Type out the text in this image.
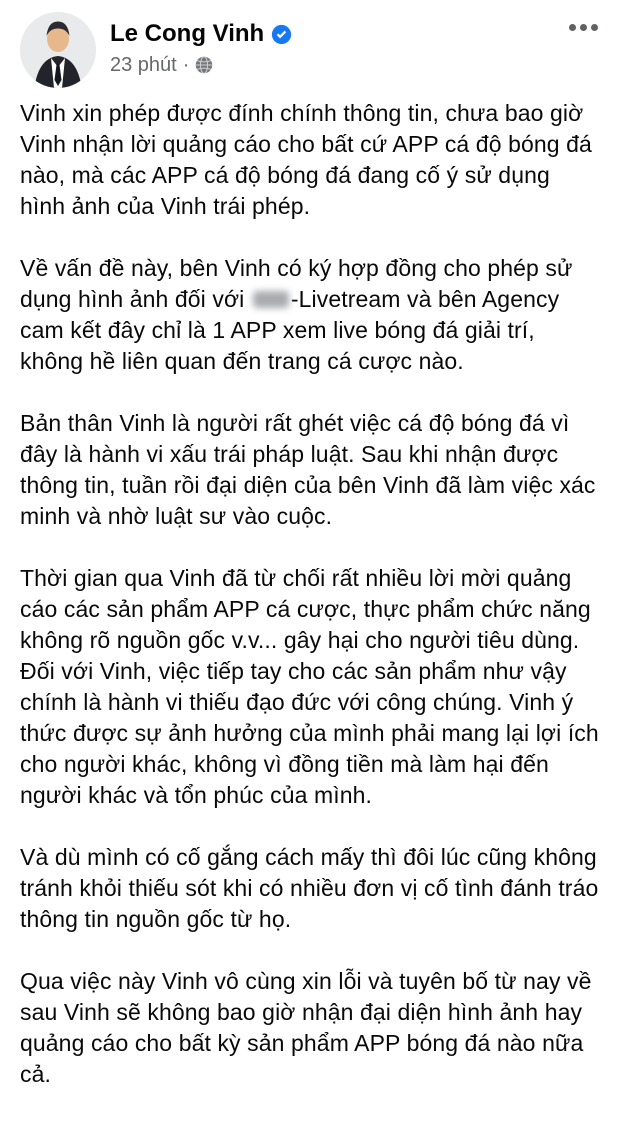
Le Cong Vinh
23 phút ·

Vinh xin phép được đính chính thông tin, chưa bao giờ Vinh nhận lời quảng cáo cho bất cứ APP cá độ bóng đá nào, mà các APP cá độ bóng đá đang cố ý sử dụng hình ảnh của Vinh trái phép.

Về vấn đề này, bên Vinh có ký hợp đồng cho phép sử dụng hình ảnh đối với -Livetream và bên Agency cam kết đây chỉ là 1 APP xem live bóng đá giải trí, không hề liên quan đến trang cá cược nào.

Bản thân Vinh là người rất ghét việc cá độ bóng đá vì đây là hành vi xấu trái pháp luật. Sau khi nhận được thông tin, tuần rồi đại diện của bên Vinh đã làm việc xác minh và nhờ luật sư vào cuộc.

Thời gian qua Vinh đã từ chối rất nhiều lời mời quảng cáo các sản phẩm APP cá cược, thực phẩm chức năng không rõ nguồn gốc v.v... gây hại cho người tiêu dùng. Đối với Vinh, việc tiếp tay cho các sản phẩm như vậy chính là hành vi thiếu đạo đức với công chúng. Vinh ý thức được sự ảnh hưởng của mình phải mang lại lợi ích cho người khác, không vì đồng tiền mà làm hại đến người khác và tổn phúc của mình.

Và dù mình có cố gắng cách mấy thì đôi lúc cũng không tránh khỏi thiếu sót khi có nhiều đơn vị cố tình đánh tráo thông tin nguồn gốc từ họ.

Qua việc này Vinh vô cùng xin lỗi và tuyên bố từ nay về sau Vinh sẽ không bao giờ nhận đại diện hình ảnh hay quảng cáo cho bất kỳ sản phẩm APP bóng đá nào nữa cả.
